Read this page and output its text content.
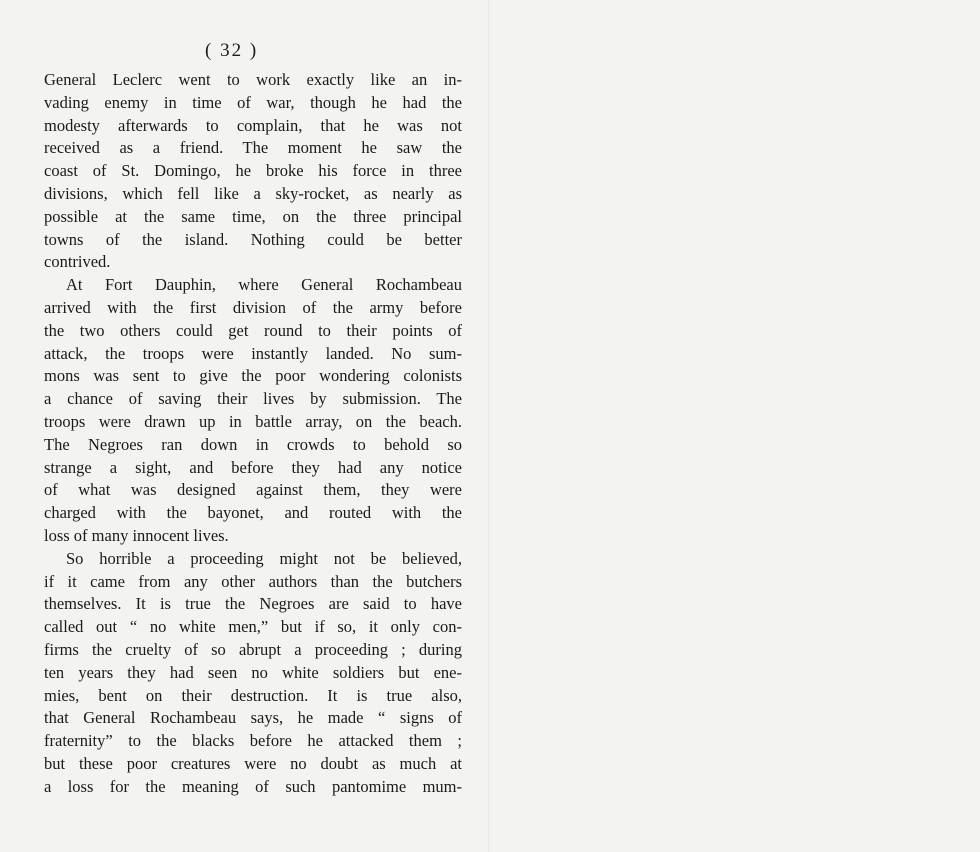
( 32 )
General Leclerc went to work exactly like an in-
vading enemy in time of war, though he had the
modesty afterwards to complain, that he was not
received as a friend. The moment he saw the
coast of St. Domingo, he broke his force in three
divisions, which fell like a sky-rocket, as nearly as
possible at the same time, on the three principal
towns of the island. Nothing could be better
contrived.
At Fort Dauphin, where General Rochambeau
arrived with the first division of the army before
the two others could get round to their points of
attack, the troops were instantly landed. No sum-
mons was sent to give the poor wondering colonists
a chance of saving their lives by submission. The
troops were drawn up in battle array, on the beach.
The Negroes ran down in crowds to behold so
strange a sight, and before they had any notice
of what was designed against them, they were
charged with the bayonet, and routed with the
loss of many innocent lives.
So horrible a proceeding might not be believed,
if it came from any other authors than the butchers
themselves. It is true the Negroes are said to have
called out “ no white men,” but if so, it only con-
firms the cruelty of so abrupt a proceeding ; during
ten years they had seen no white soldiers but ene-
mies, bent on their destruction. It is true also,
that General Rochambeau says, he made “ signs of
fraternity” to the blacks before he attacked them ;
but these poor creatures were no doubt as much at
a loss for the meaning of such pantomime mum-
